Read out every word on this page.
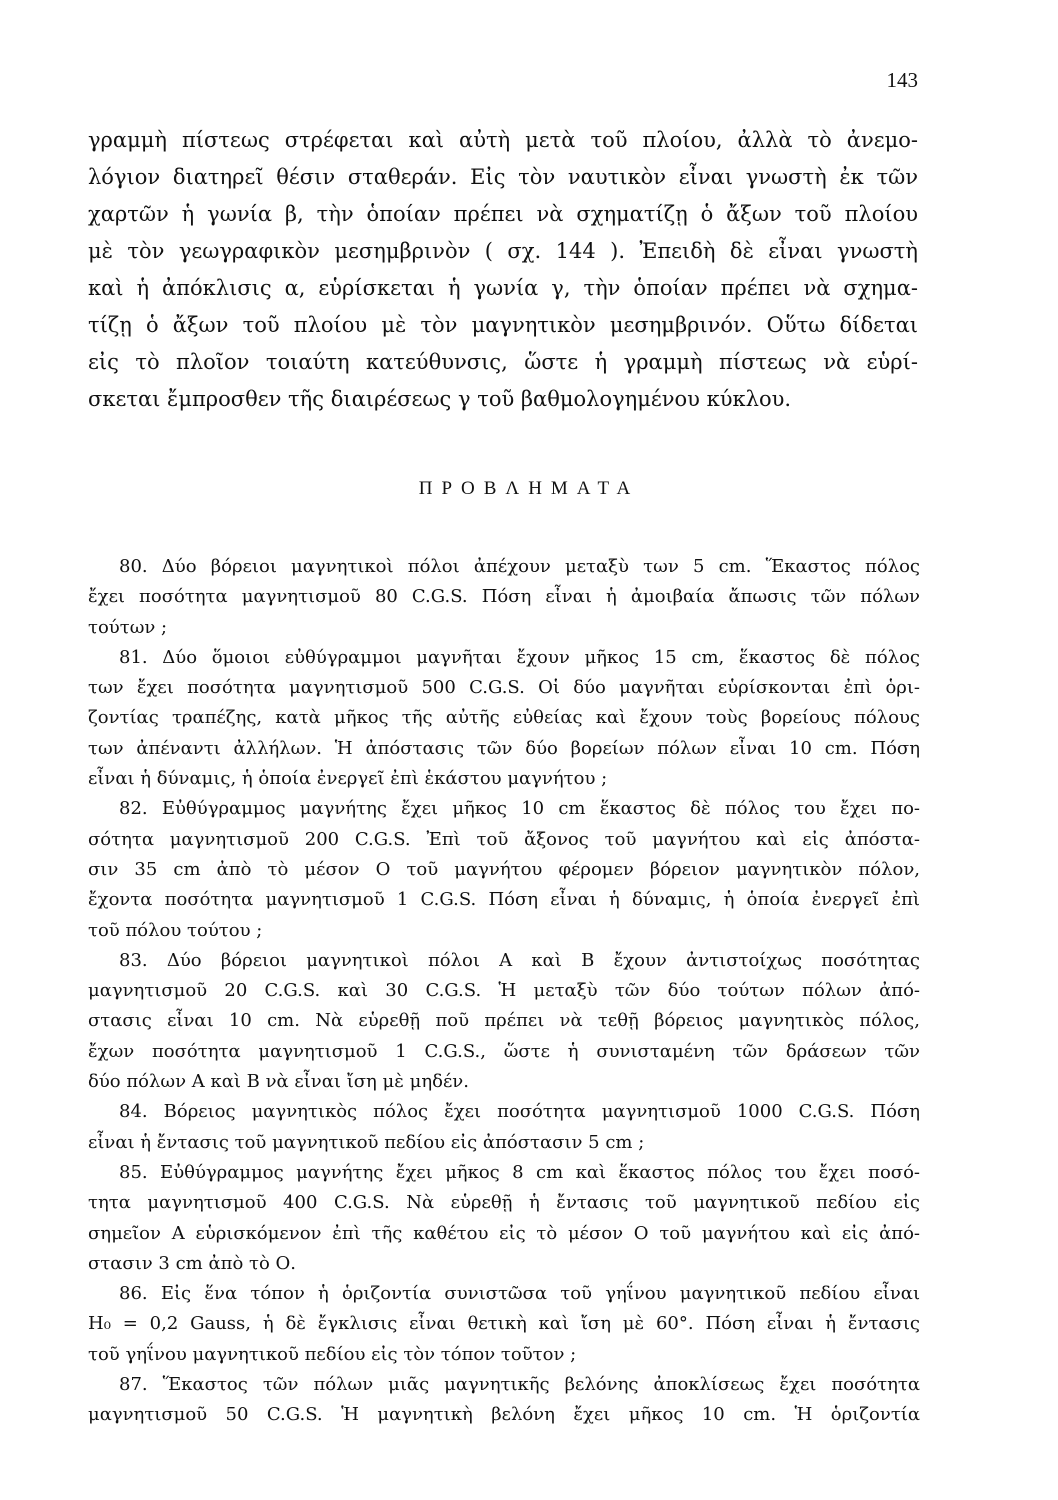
143
γραμμὴ πίστεως στρέφεται καὶ αὐτὴ μετὰ τοῦ πλοίου, ἀλλὰ τὸ ἀνεμο-
λόγιον διατηρεῖ θέσιν σταθεράν. Εἰς τὸν ναυτικὸν εἶναι γνωστὴ ἐκ τῶν
χαρτῶν ἡ γωνία β, τὴν ὁποίαν πρέπει νὰ σχηματίζῃ ὁ ἄξων τοῦ πλοίου
μὲ τὸν γεωγραφικὸν μεσημβρινὸν ( σχ. 144 ). Ἐπειδὴ δὲ εἶναι γνωστὴ
καὶ ἡ ἀπόκλισις α, εὑρίσκεται ἡ γωνία γ, τὴν ὁποίαν πρέπει νὰ σχημα-
τίζῃ ὁ ἄξων τοῦ πλοίου μὲ τὸν μαγνητικὸν μεσημβρινόν. Οὕτω δίδεται
εἰς τὸ πλοῖον τοιαύτη κατεύθυνσις, ὥστε ἡ γραμμὴ πίστεως νὰ εὑρί-
σκεται ἔμπροσθεν τῆς διαιρέσεως γ τοῦ βαθμολογημένου κύκλου.
ΠΡΟΒΛΗΜΑΤΑ
80. Δύο βόρειοι μαγνητικοὶ πόλοι ἀπέχουν μεταξὺ των 5 cm. Ἕκαστος πόλος
ἔχει ποσότητα μαγνητισμοῦ 80 C.G.S. Πόση εἶναι ἡ ἀμοιβαία ἄπωσις τῶν πόλων
τούτων ;
81. Δύο ὅμοιοι εὐθύγραμμοι μαγνῆται ἔχουν μῆκος 15 cm, ἕκαστος δὲ πόλος
των ἔχει ποσότητα μαγνητισμοῦ 500 C.G.S. Οἱ δύο μαγνῆται εὑρίσκονται ἐπὶ ὁρι-
ζοντίας τραπέζης, κατὰ μῆκος τῆς αὐτῆς εὐθείας καὶ ἔχουν τοὺς βορείους πόλους
των ἀπέναντι ἀλλήλων. Ἡ ἀπόστασις τῶν δύο βορείων πόλων εἶναι 10 cm. Πόση
εἶναι ἡ δύναμις, ἡ ὁποία ἐνεργεῖ ἐπὶ ἑκάστου μαγνήτου ;
82. Εὐθύγραμμος μαγνήτης ἔχει μῆκος 10 cm ἕκαστος δὲ πόλος του ἔχει πο-
σότητα μαγνητισμοῦ 200 C.G.S. Ἐπὶ τοῦ ἄξονος τοῦ μαγνήτου καὶ εἰς ἀπόστα-
σιν 35 cm ἀπὸ τὸ μέσον Ο τοῦ μαγνήτου φέρομεν βόρειον μαγνητικὸν πόλον,
ἔχοντα ποσότητα μαγνητισμοῦ 1 C.G.S. Πόση εἶναι ἡ δύναμις, ἡ ὁποία ἐνεργεῖ ἐπὶ
τοῦ πόλου τούτου ;
83. Δύο βόρειοι μαγνητικοὶ πόλοι Α καὶ Β ἔχουν ἀντιστοίχως ποσότητας
μαγνητισμοῦ 20 C.G.S. καὶ 30 C.G.S. Ἡ μεταξὺ τῶν δύο τούτων πόλων ἀπό-
στασις εἶναι 10 cm. Νὰ εὑρεθῇ ποῦ πρέπει νὰ τεθῇ βόρειος μαγνητικὸς πόλος,
ἔχων ποσότητα μαγνητισμοῦ 1 C.G.S., ὥστε ἡ συνισταμένη τῶν δράσεων τῶν
δύο πόλων Α καὶ Β νὰ εἶναι ἴση μὲ μηδέν.
84. Βόρειος μαγνητικὸς πόλος ἔχει ποσότητα μαγνητισμοῦ 1000 C.G.S. Πόση
εἶναι ἡ ἔντασις τοῦ μαγνητικοῦ πεδίου εἰς ἀπόστασιν 5 cm ;
85. Εὐθύγραμμος μαγνήτης ἔχει μῆκος 8 cm καὶ ἕκαστος πόλος του ἔχει ποσό-
τητα μαγνητισμοῦ 400 C.G.S. Νὰ εὑρεθῇ ἡ ἔντασις τοῦ μαγνητικοῦ πεδίου εἰς
σημεῖον Α εὑρισκόμενον ἐπὶ τῆς καθέτου εἰς τὸ μέσον Ο τοῦ μαγνήτου καὶ εἰς ἀπό-
στασιν 3 cm ἀπὸ τὸ Ο.
86. Εἰς ἕνα τόπον ἡ ὁριζοντία συνιστῶσα τοῦ γηΐνου μαγνητικοῦ πεδίου εἶναι
H₀ = 0,2 Gauss, ἡ δὲ ἔγκλισις εἶναι θετικὴ καὶ ἴση μὲ 60°. Πόση εἶναι ἡ ἔντασις
τοῦ γηΐνου μαγνητικοῦ πεδίου εἰς τὸν τόπον τοῦτον ;
87. Ἕκαστος τῶν πόλων μιᾶς μαγνητικῆς βελόνης ἀποκλίσεως ἔχει ποσότητα
μαγνητισμοῦ 50 C.G.S. Ἡ μαγνητικὴ βελόνη ἔχει μῆκος 10 cm. Ἡ ὁριζοντία
